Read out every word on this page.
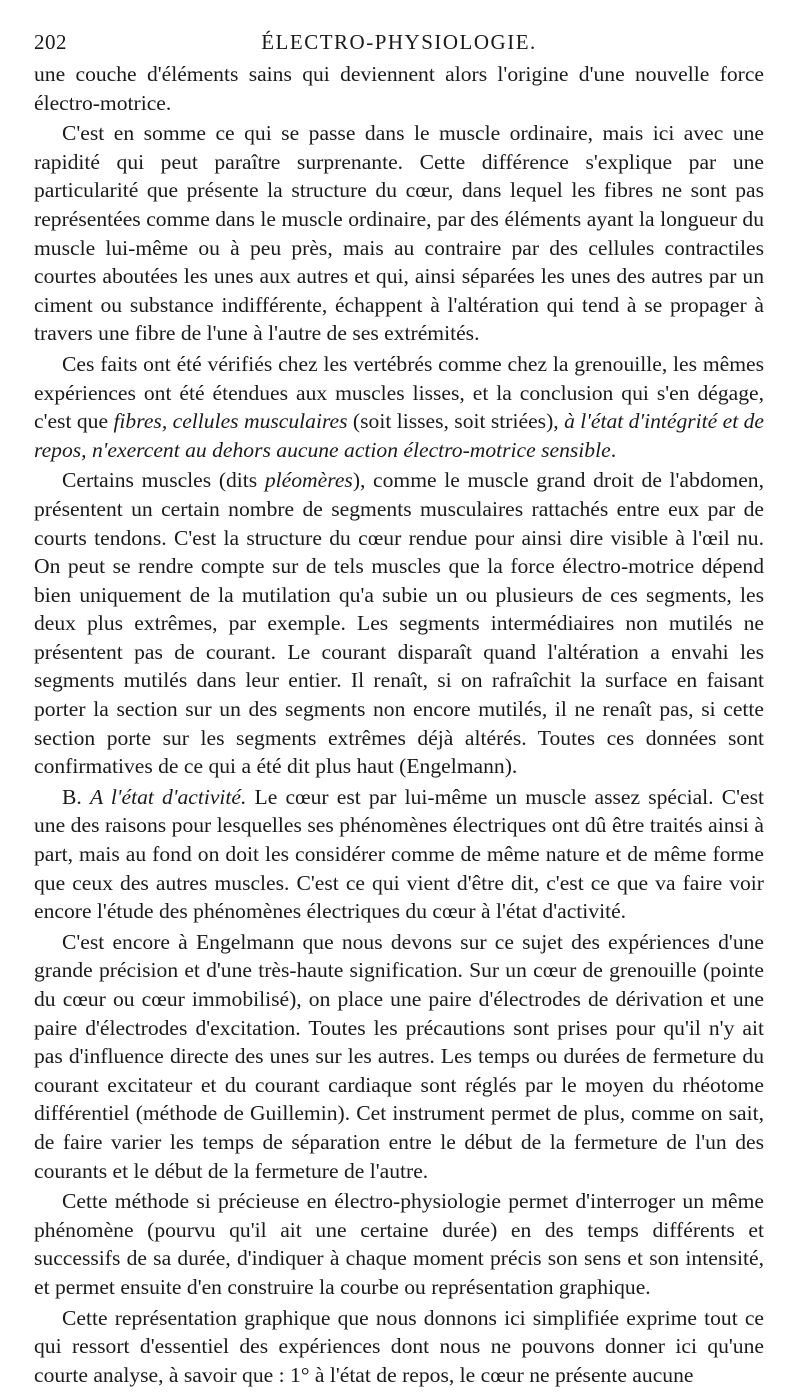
202	ÉLECTRO-PHYSIOLOGIE.

une couche d'éléments sains qui deviennent alors l'origine d'une nouvelle force électro-motrice.

C'est en somme ce qui se passe dans le muscle ordinaire, mais ici avec une rapidité qui peut paraître surprenante. Cette différence s'explique par une particularité que présente la structure du cœur, dans lequel les fibres ne sont pas représentées comme dans le muscle ordinaire, par des éléments ayant la longueur du muscle lui-même ou à peu près, mais au contraire par des cellules contractiles courtes aboutées les unes aux autres et qui, ainsi séparées les unes des autres par un ciment ou substance indifférente, échappent à l'altération qui tend à se propager à travers une fibre de l'une à l'autre de ses extrémités.

Ces faits ont été vérifiés chez les vertébrés comme chez la grenouille, les mêmes expériences ont été étendues aux muscles lisses, et la conclusion qui s'en dégage, c'est que fibres, cellules musculaires (soit lisses, soit striées), à l'état d'intégrité et de repos, n'exercent au dehors aucune action électro-motrice sensible.

Certains muscles (dits pléomères), comme le muscle grand droit de l'abdomen, présentent un certain nombre de segments musculaires rattachés entre eux par de courts tendons. C'est la structure du cœur rendue pour ainsi dire visible à l'œil nu. On peut se rendre compte sur de tels muscles que la force électro-motrice dépend bien uniquement de la mutilation qu'a subie un ou plusieurs de ces segments, les deux plus extrêmes, par exemple. Les segments intermédiaires non mutilés ne présentent pas de courant. Le courant disparaît quand l'altération a envahi les segments mutilés dans leur entier. Il renaît, si on rafraîchit la surface en faisant porter la section sur un des segments non encore mutilés, il ne renaît pas, si cette section porte sur les segments extrêmes déjà altérés. Toutes ces données sont confirmatives de ce qui a été dit plus haut (Engelmann).

B. A l'état d'activité. Le cœur est par lui-même un muscle assez spécial. C'est une des raisons pour lesquelles ses phénomènes électriques ont dû être traités ainsi à part, mais au fond on doit les considérer comme de même nature et de même forme que ceux des autres muscles. C'est ce qui vient d'être dit, c'est ce que va faire voir encore l'étude des phénomènes électriques du cœur à l'état d'activité.

C'est encore à Engelmann que nous devons sur ce sujet des expériences d'une grande précision et d'une très-haute signification. Sur un cœur de grenouille (pointe du cœur ou cœur immobilisé), on place une paire d'électrodes de dérivation et une paire d'électrodes d'excitation. Toutes les précautions sont prises pour qu'il n'y ait pas d'influence directe des unes sur les autres. Les temps ou durées de fermeture du courant excitateur et du courant cardiaque sont réglés par le moyen du rhéotome différentiel (méthode de Guillemin). Cet instrument permet de plus, comme on sait, de faire varier les temps de séparation entre le début de la fermeture de l'un des courants et le début de la fermeture de l'autre.

Cette méthode si précieuse en électro-physiologie permet d'interroger un même phénomène (pourvu qu'il ait une certaine durée) en des temps différents et successifs de sa durée, d'indiquer à chaque moment précis son sens et son intensité, et permet ensuite d'en construire la courbe ou représentation graphique.

Cette représentation graphique que nous donnons ici simplifiée exprime tout ce qui ressort d'essentiel des expériences dont nous ne pouvons donner ici qu'une courte analyse, à savoir que : 1° à l'état de repos, le cœur ne présente aucune
